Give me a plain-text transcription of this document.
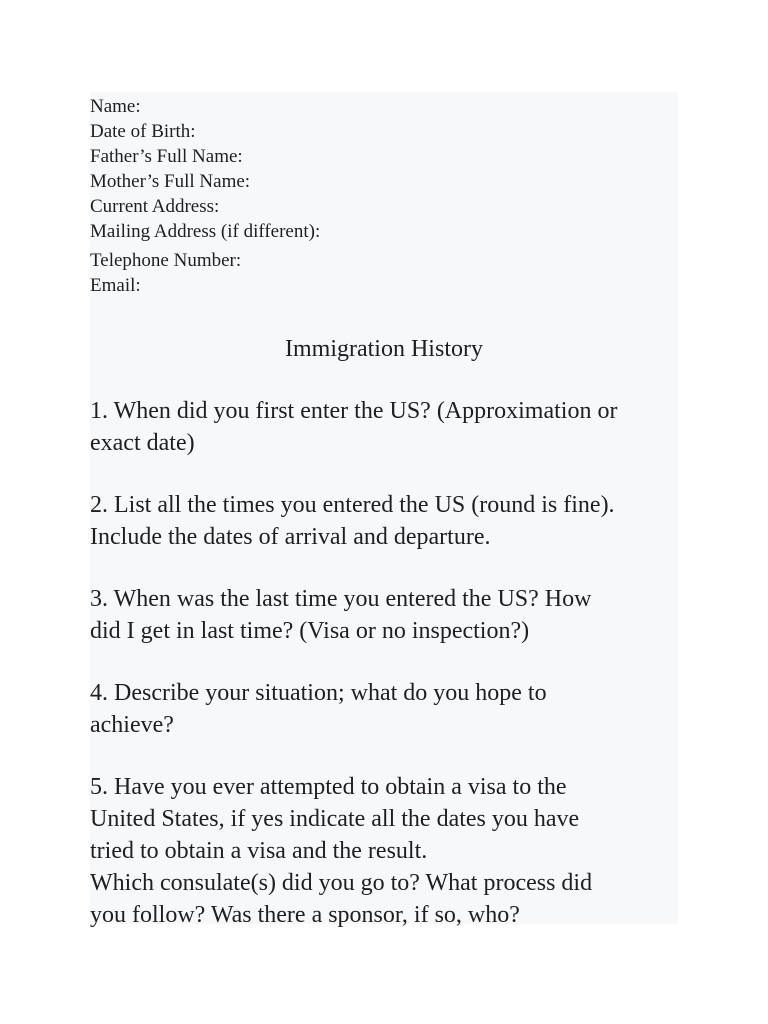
Name:
Date of Birth:
Father’s Full Name:
Mother’s Full Name:
Current Address:
Mailing Address (if different):
Telephone Number:
Email:
Immigration History
1. When did you first enter the US? (Approximation or
exact date)
2. List all the times you entered the US (round is fine).
Include the dates of arrival and departure.
3. When was the last time you entered the US? How
did I get in last time? (Visa or no inspection?)
4. Describe your situation; what do you hope to
achieve?
5. Have you ever attempted to obtain a visa to the
United States, if yes indicate all the dates you have
tried to obtain a visa and the result.
Which consulate(s) did you go to? What process did
you follow? Was there a sponsor, if so, who?
